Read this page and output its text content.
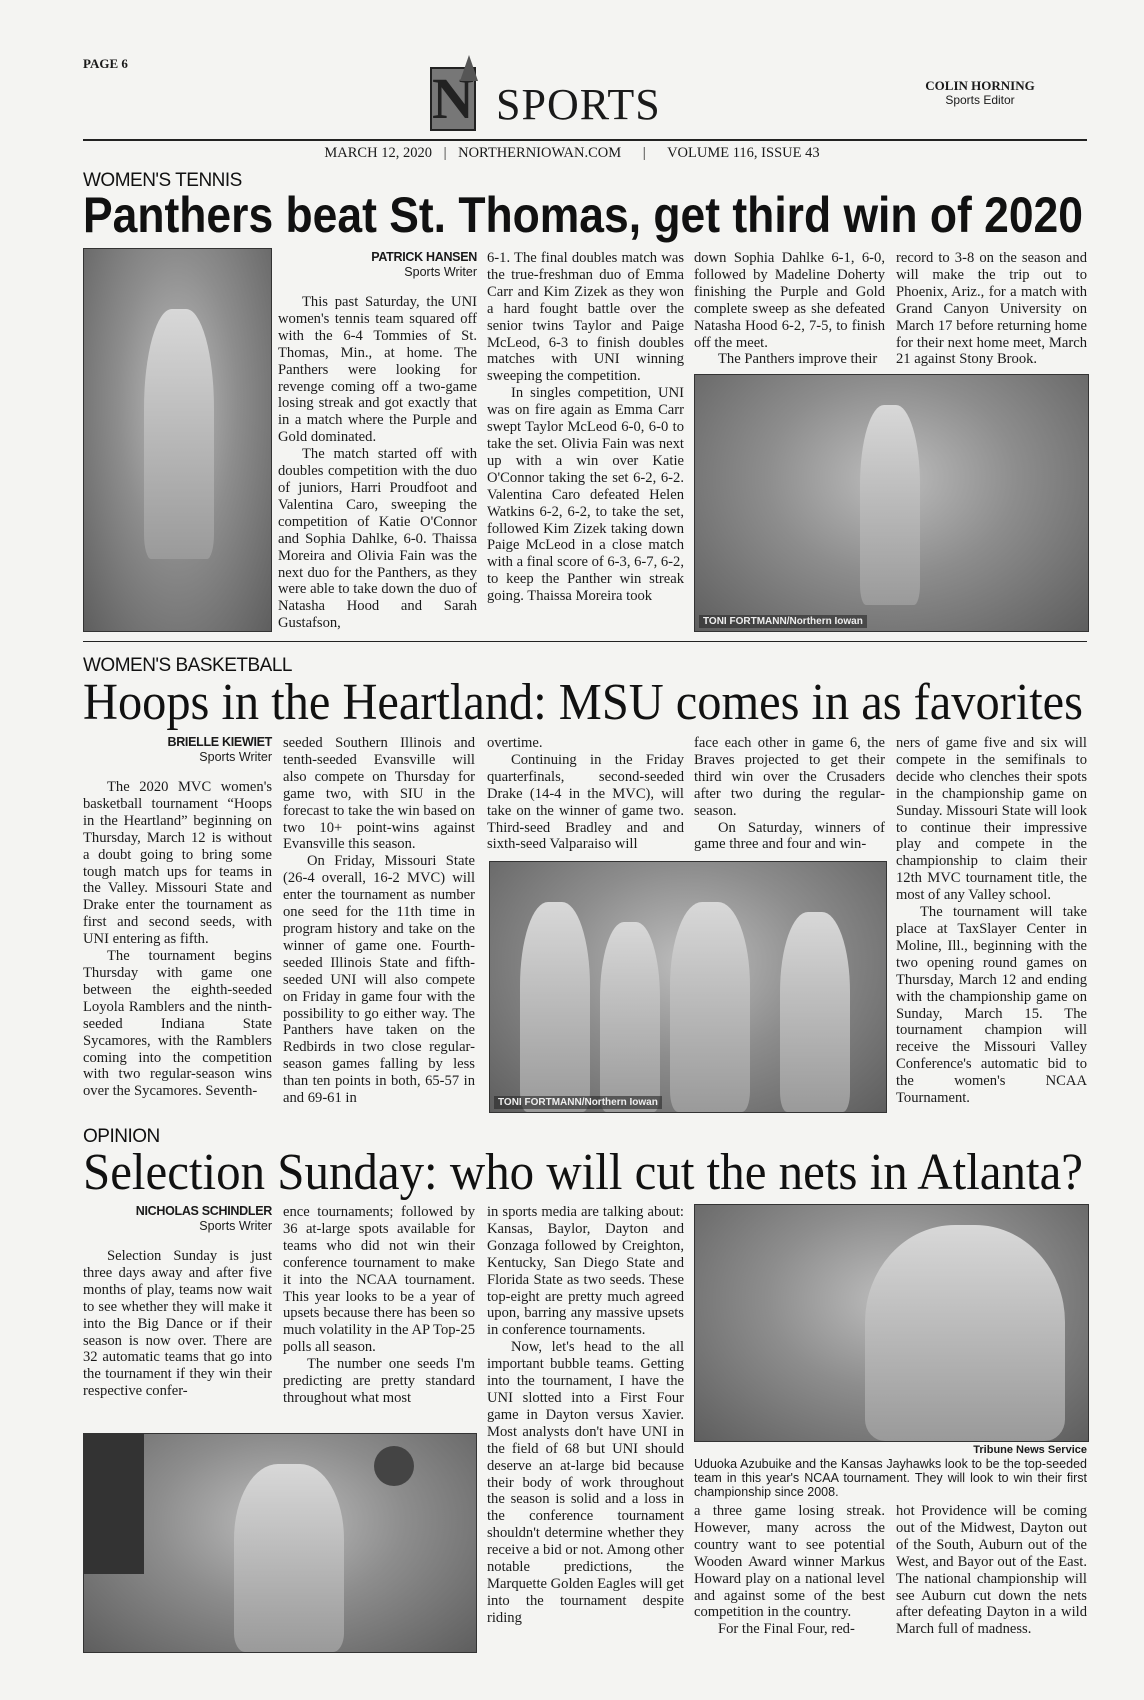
PAGE 6
N SPORTS	COLIN HORNING
Sports Editor
MARCH 12, 2020 | NORTHERNIOWAN.COM | VOLUME 116, ISSUE 43
WOMEN'S TENNIS
Panthers beat St. Thomas, get third win of 2020
PATRICK HANSEN
Sports Writer

This past Saturday, the UNI women's tennis team squared off with the 6-4 Tommies of St. Thomas, Min., at home. The Panthers were looking for revenge coming off a two-game losing streak and got exactly that in a match where the Purple and Gold dominated.

The match started off with doubles competition with the duo of juniors, Harri Proudfoot and Valentina Caro, sweeping the competition of Katie O'Connor and Sophia Dahlke, 6-0. Thaissa Moreira and Olivia Fain was the next duo for the Panthers, as they were able to take down the duo of Natasha Hood and Sarah Gustafson,

6-1. The final doubles match was the true-freshman duo of Emma Carr and Kim Zizek as they won a hard fought battle over the senior twins Taylor and Paige McLeod, 6-3 to finish doubles matches with UNI winning sweeping the competition.

In singles competition, UNI was on fire again as Emma Carr swept Taylor McLeod 6-0, 6-0 to take the set. Olivia Fain was next up with a win over Katie O'Connor taking the set 6-2, 6-2. Valentina Caro defeated Helen Watkins 6-2, 6-2, to take the set, followed Kim Zizek taking down Paige McLeod in a close match with a final score of 6-3, 6-7, 6-2, to keep the Panther win streak going. Thaissa Moreira took

down Sophia Dahlke 6-1, 6-0, followed by Madeline Doherty finishing the Purple and Gold complete sweep as she defeated Natasha Hood 6-2, 7-5, to finish off the meet.

The Panthers improve their

record to 3-8 on the season and will make the trip out to Phoenix, Ariz., for a match with Grand Canyon University on March 17 before returning home for their next home meet, March 21 against Stony Brook.

TONI FORTMANN/Northern Iowan
WOMEN'S BASKETBALL
Hoops in the Heartland: MSU comes in as favorites
BRIELLE KIEWIET
Sports Writer

The 2020 MVC women's basketball tournament “Hoops in the Heartland” beginning on Thursday, March 12 is without a doubt going to bring some tough match ups for teams in the Valley. Missouri State and Drake enter the tournament as first and second seeds, with UNI entering as fifth.

The tournament begins Thursday with game one between the eighth-seeded Loyola Ramblers and the ninth-seeded Indiana State Sycamores, with the Ramblers coming into the competition with two regular-season wins over the Sycamores. Seventh-

seeded Southern Illinois and tenth-seeded Evansville will also compete on Thursday for game two, with SIU in the forecast to take the win based on two 10+ point-wins against Evansville this season.

On Friday, Missouri State (26-4 overall, 16-2 MVC) will enter the tournament as number one seed for the 11th time in program history and take on the winner of game one. Fourth-seeded Illinois State and fifth-seeded UNI will also compete on Friday in game four with the possibility to go either way. The Panthers have taken on the Redbirds in two close regular-season games falling by less than ten points in both, 65-57 in and 69-61 in

overtime.

Continuing in the Friday quarterfinals, second-seeded Drake (14-4 in the MVC), will take on the winner of game two. Third-seed Bradley and and sixth-seed Valparaiso will

face each other in game 6, the Braves projected to get their third win over the Crusaders after two during the regular-season.

On Saturday, winners of game three and four and win-

ners of game five and six will compete in the semifinals to decide who clenches their spots in the championship game on Sunday. Missouri State will look to continue their impressive play and compete in the championship to claim their 12th MVC tournament title, the most of any Valley school.

The tournament will take place at TaxSlayer Center in Moline, Ill., beginning with the two opening round games on Thursday, March 12 and ending with the championship game on Sunday, March 15. The tournament champion will receive the Missouri Valley Conference's automatic bid to the women's NCAA Tournament.

TONI FORTMANN/Northern Iowan
OPINION
Selection Sunday: who will cut the nets in Atlanta?
NICHOLAS SCHINDLER
Sports Writer

Selection Sunday is just three days away and after five months of play, teams now wait to see whether they will make it into the Big Dance or if their season is now over. There are 32 automatic teams that go into the tournament if they win their respective confer-

ence tournaments; followed by 36 at-large spots available for teams who did not win their conference tournament to make it into the NCAA tournament. This year looks to be a year of upsets because there has been so much volatility in the AP Top-25 polls all season.

The number one seeds I'm predicting are pretty standard throughout what most

in sports media are talking about: Kansas, Baylor, Dayton and Gonzaga followed by Creighton, Kentucky, San Diego State and Florida State as two seeds. These top-eight are pretty much agreed upon, barring any massive upsets in conference tournaments.

Now, let's head to the all important bubble teams. Getting into the tournament, I have the UNI slotted into a First Four game in Dayton versus Xavier. Most analysts don't have UNI in the field of 68 but UNI should deserve an at-large bid because their body of work throughout the season is solid and a loss in the conference tournament shouldn't determine whether they receive a bid or not. Among other notable predictions, the Marquette Golden Eagles will get into the tournament despite riding

Tribune News Service
Uduoka Azubuike and the Kansas Jayhawks look to be the top-seeded team in this year's NCAA tournament. They will look to win their first championship since 2008.

a three game losing streak. However, many across the country want to see potential Wooden Award winner Markus Howard play on a national level and against some of the best competition in the country.

For the Final Four, red-

hot Providence will be coming out of the Midwest, Dayton out of the South, Auburn out of the West, and Bayor out of the East. The national championship will see Auburn cut down the nets after defeating Dayton in a wild March full of madness.
